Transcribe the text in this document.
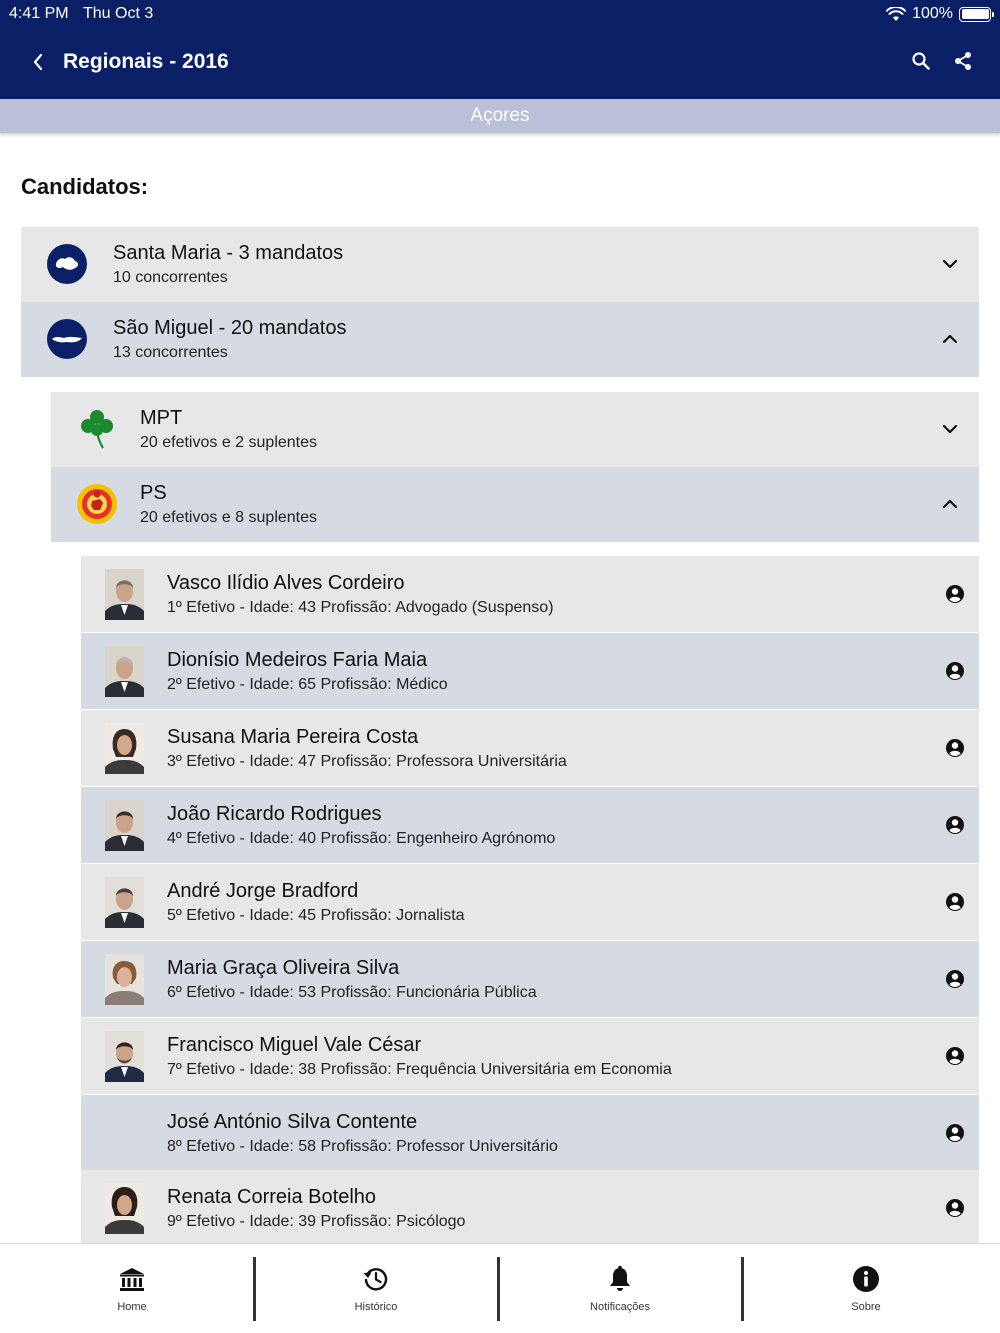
4:41 PM Thu Oct 3	100%
Regionais - 2016
Açores
Candidatos:
Santa Maria - 3 mandatos
10 concorrentes
São Miguel - 20 mandatos
13 concorrentes
MPT
20 efetivos e 2 suplentes
PS
20 efetivos e 8 suplentes
Vasco Ilídio Alves Cordeiro
1º Efetivo - Idade: 43 Profissão: Advogado (Suspenso)
Dionísio Medeiros Faria Maia
2º Efetivo - Idade: 65 Profissão: Médico
Susana Maria Pereira Costa
3º Efetivo - Idade: 47 Profissão: Professora Universitária
João Ricardo Rodrigues
4º Efetivo - Idade: 40 Profissão: Engenheiro Agrónomo
André Jorge Bradford
5º Efetivo - Idade: 45 Profissão: Jornalista
Maria Graça Oliveira Silva
6º Efetivo - Idade: 53 Profissão: Funcionária Pública
Francisco Miguel Vale César
7º Efetivo - Idade: 38 Profissão: Frequência Universitária em Economia
José António Silva Contente
8º Efetivo - Idade: 58 Profissão: Professor Universitário
Renata Correia Botelho
9º Efetivo - Idade: 39 Profissão: Psicólogo
Home	Histórico	Notificações	Sobre
